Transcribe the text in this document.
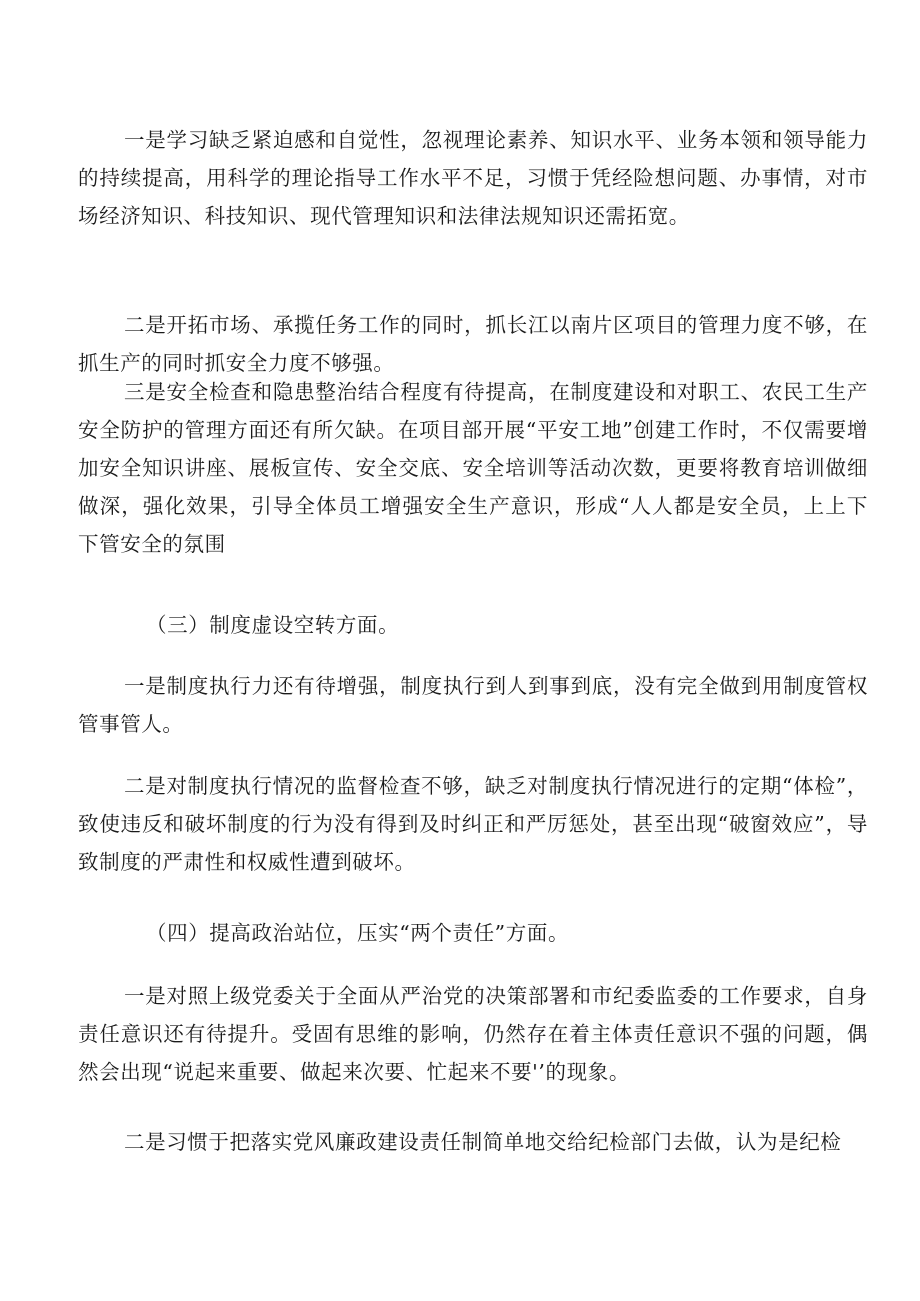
一是学习缺乏紧迫感和自觉性，忽视理论素养、知识水平、业务本领和领导能力的持续提高，用科学的理论指导工作水平不足，习惯于凭经险想问题、办事情，对市场经济知识、科技知识、现代管理知识和法律法规知识还需拓宽。

二是开拓市场、承揽任务工作的同时，抓长江以南片区项目的管理力度不够，在抓生产的同时抓安全力度不够强。

三是安全检查和隐患整治结合程度有待提高，在制度建设和对职工、农民工生产安全防护的管理方面还有所欠缺。在项目部开展“平安工地”创建工作时，不仅需要增加安全知识讲座、展板宣传、安全交底、安全培训等活动次数，更要将教育培训做细做深，强化效果，引导全体员工增强安全生产意识，形成“人人都是安全员，上上下下管安全的氛围

（三）制度虚设空转方面。

一是制度执行力还有待增强，制度执行到人到事到底，没有完全做到用制度管权管事管人。

二是对制度执行情况的监督检查不够，缺乏对制度执行情况进行的定期“体检”，致使违反和破坏制度的行为没有得到及时纠正和严厉惩处，甚至出现“破窗效应”，导致制度的严肃性和权威性遭到破坏。

（四）提高政治站位，压实“两个责任”方面。

一是对照上级党委关于全面从严治党的决策部署和市纪委监委的工作要求，自身责任意识还有待提升。受固有思维的影响，仍然存在着主体责任意识不强的问题，偶然会出现“说起来重要、做起来次要、忙起来不要'’的现象。

二是习惯于把落实党风廉政建设责任制简单地交给纪检部门去做，认为是纪检
